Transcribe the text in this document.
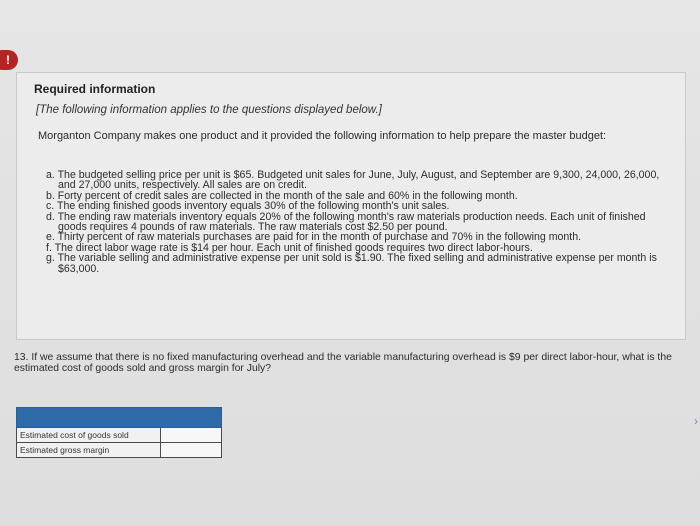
!
Required information
[The following information applies to the questions displayed below.]
Morganton Company makes one product and it provided the following information to help prepare the master budget:
a. The budgeted selling price per unit is $65. Budgeted unit sales for June, July, August, and September are 9,300, 24,000, 26,000, and 27,000 units, respectively. All sales are on credit.
b. Forty percent of credit sales are collected in the month of the sale and 60% in the following month.
c. The ending finished goods inventory equals 30% of the following month's unit sales.
d. The ending raw materials inventory equals 20% of the following month's raw materials production needs. Each unit of finished goods requires 4 pounds of raw materials. The raw materials cost $2.50 per pound.
e. Thirty percent of raw materials purchases are paid for in the month of purchase and 70% in the following month.
f. The direct labor wage rate is $14 per hour. Each unit of finished goods requires two direct labor-hours.
g. The variable selling and administrative expense per unit sold is $1.90. The fixed selling and administrative expense per month is $63,000.
13. If we assume that there is no fixed manufacturing overhead and the variable manufacturing overhead is $9 per direct labor-hour, what is the estimated cost of goods sold and gross margin for July?

Estimated cost of goods sold	
Estimated gross margin	
›
